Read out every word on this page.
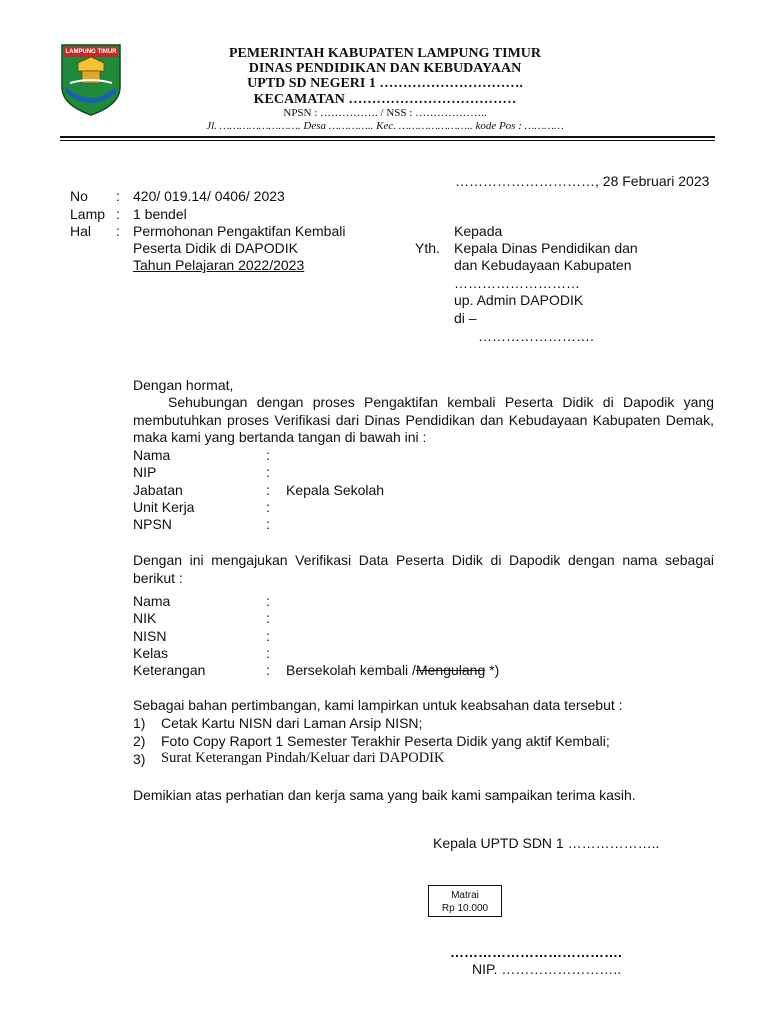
LAMPUNG TIMUR	PEMERINTAH KABUPATEN LAMPUNG TIMUR
DINAS PENDIDIKAN DAN KEBUDAYAAN
UPTD SD NEGERI 1 ………………………….
KECAMATAN ………………………………
NPSN : ……………. / NSS : ………………..
Jl. ……………………. Desa ………….. Kec. ………………….. kode Pos : …………
…………………………, 28 Februari 2023
No : 420/ 019.14/ 0406/ 2023
Lamp : 1 bendel
Hal : Permohonan Pengaktifan Kembali
Peserta Didik di DAPODIK
Tahun Pelajaran 2022/2023
Kepada
Yth. Kepala Dinas Pendidikan dan
dan Kebudayaan Kabupaten
………………………
up. Admin DAPODIK
di –
…………………….
Dengan hormat,
Sehubungan dengan proses Pengaktifan kembali Peserta Didik di Dapodik yang membutuhkan proses Verifikasi dari Dinas Pendidikan dan Kebudayaan Kabupaten Demak, maka kami yang bertanda tangan di bawah ini :
Nama	:
NIP	:
Jabatan	: Kepala Sekolah
Unit Kerja	:
NPSN	:
Dengan ini mengajukan Verifikasi Data Peserta Didik di Dapodik dengan nama sebagai berikut :
Nama	:
NIK	:
NISN	:
Kelas	:
Keterangan	: Bersekolah kembali /Mengulang *)
Sebagai bahan pertimbangan, kami lampirkan untuk keabsahan data tersebut :
1) Cetak Kartu NISN dari Laman Arsip NISN;
2) Foto Copy Raport 1 Semester Terakhir Peserta Didik yang aktif Kembali;
3) Surat Keterangan Pindah/Keluar dari DAPODIK
Demikian atas perhatian dan kerja sama yang baik kami sampaikan terima kasih.
Kepala UPTD SDN 1 ………………..
Matrai
Rp 10.000
……………………………….
NIP. ……………………..
